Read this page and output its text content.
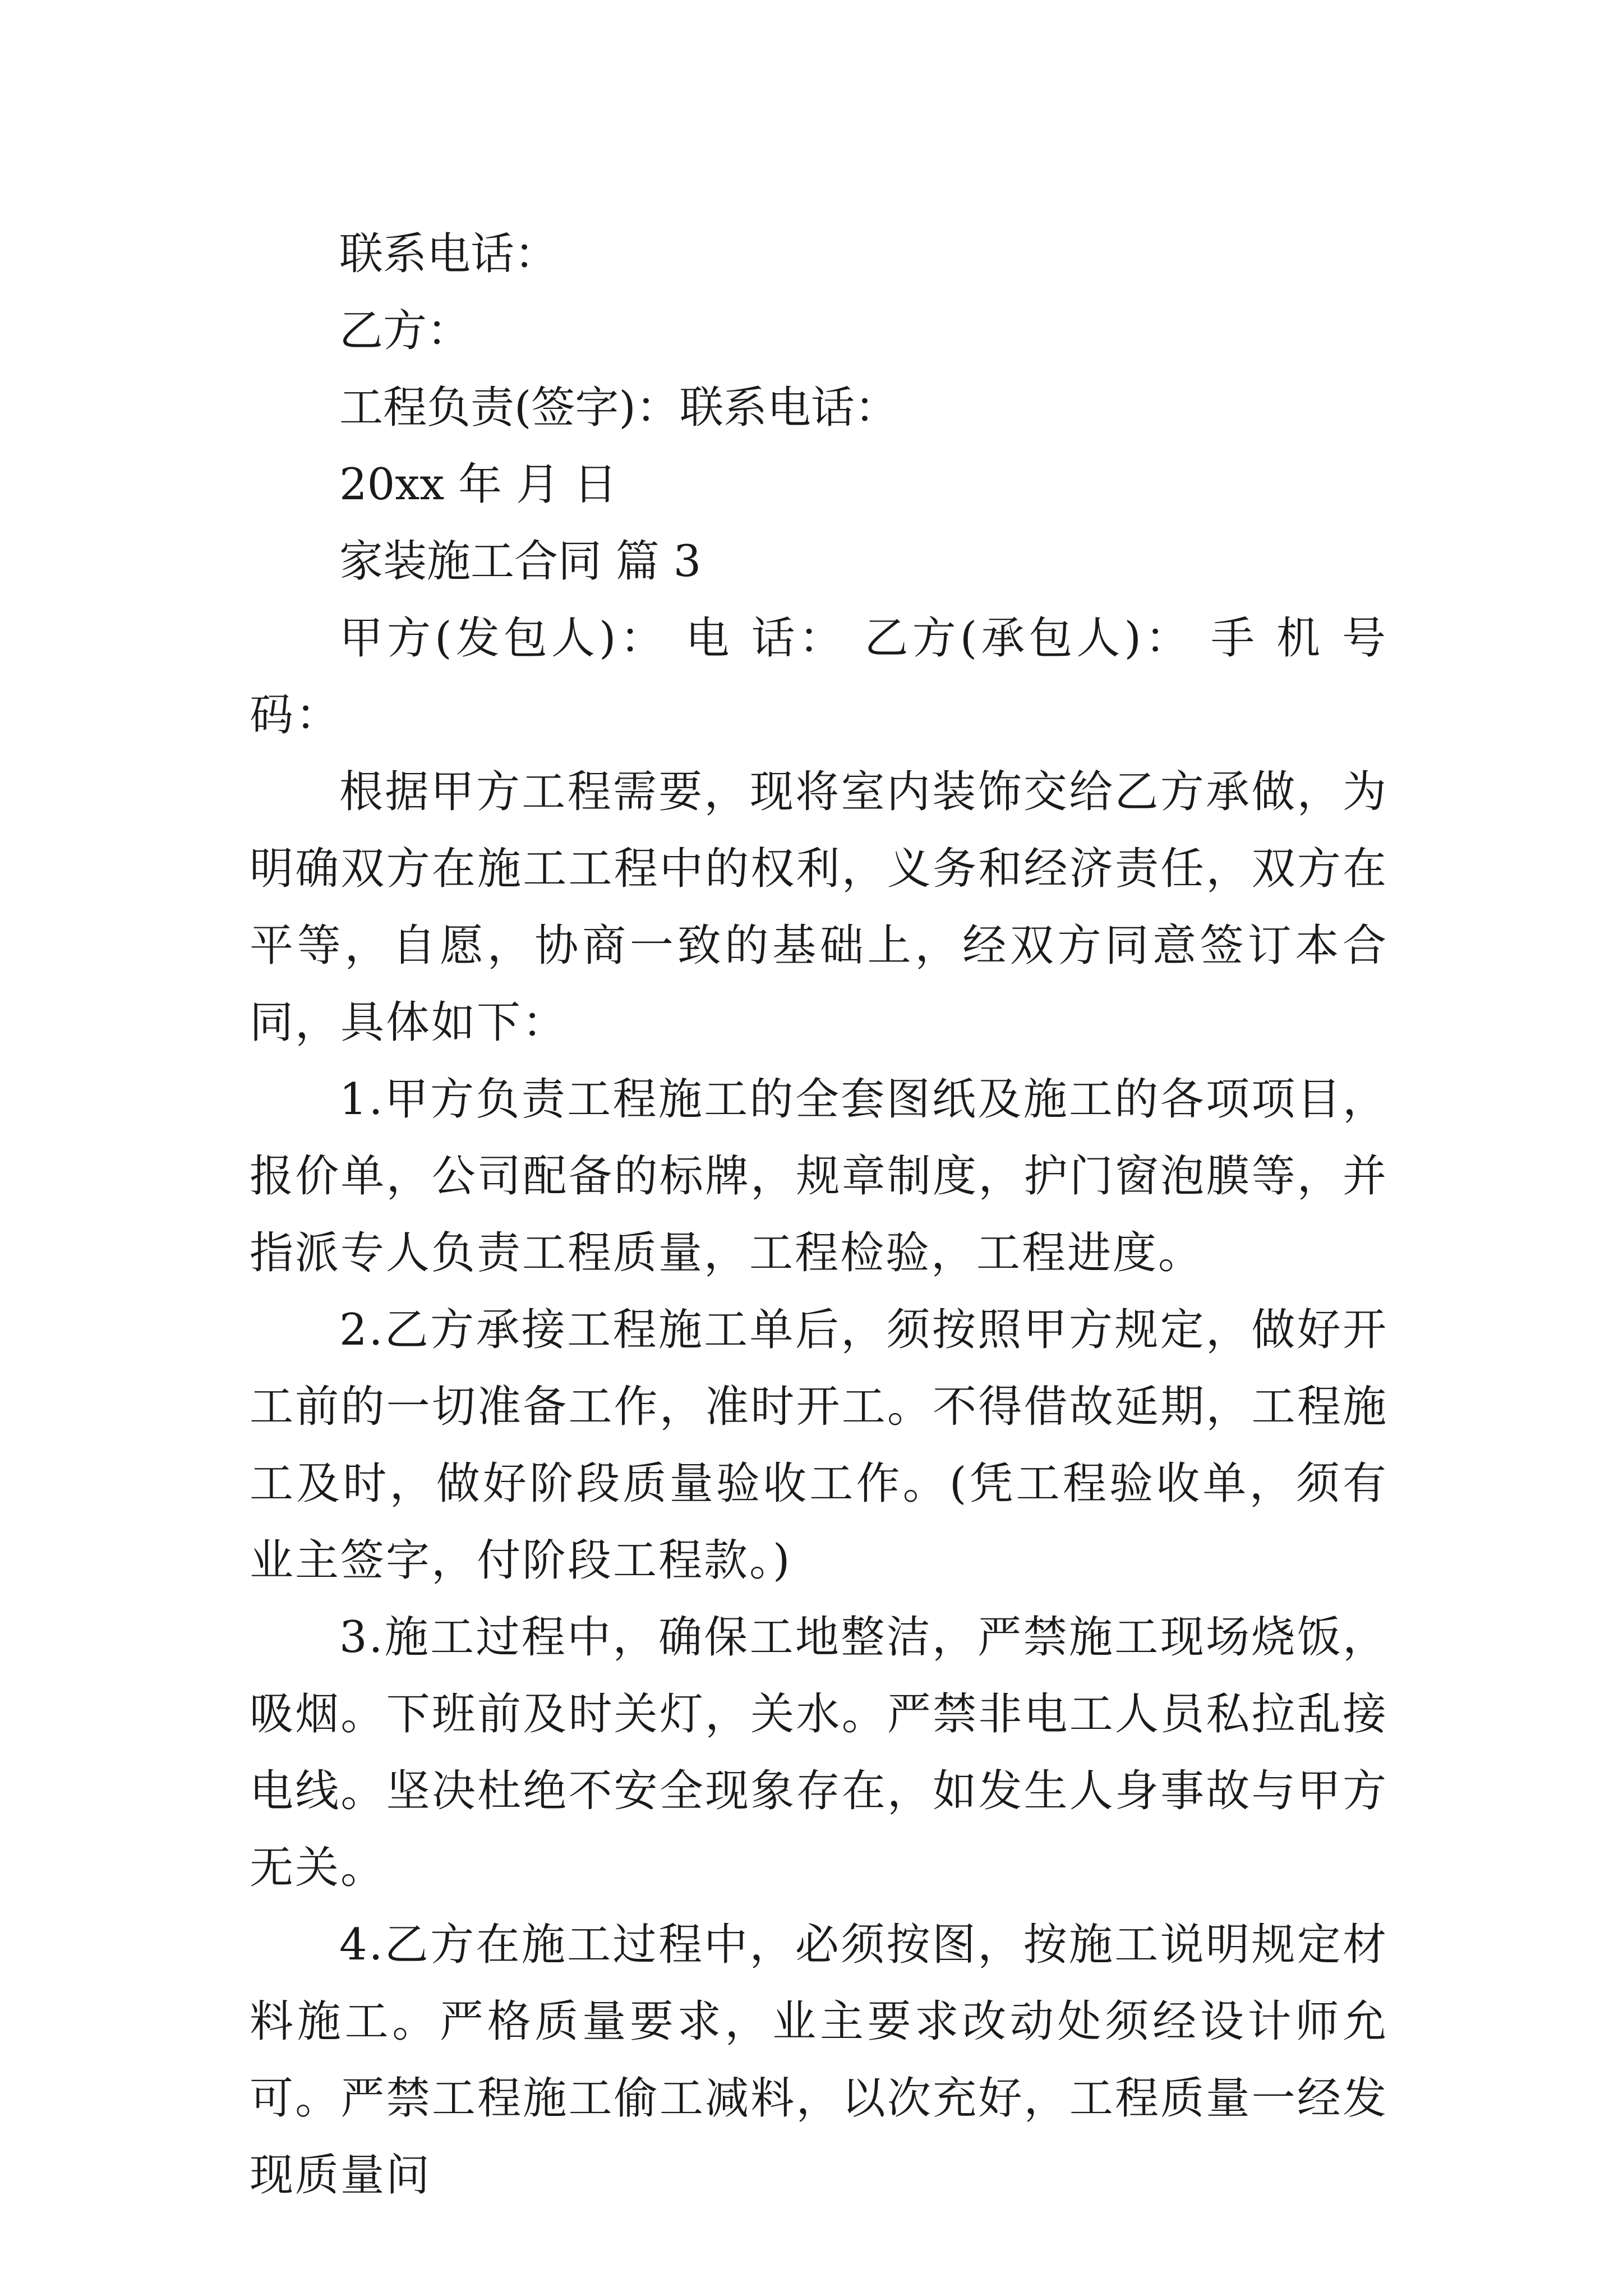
联系电话：

乙方：

工程负责(签字)：联系电话：

20xx 年 月 日

家装施工合同 篇 3

甲方(发包人)： 电 话： 乙方(承包人)： 手 机 号码：

根据甲方工程需要，现将室内装饰交给乙方承做，为明确双方在施工工程中的权利，义务和经济责任，双方在平等，自愿，协商一致的基础上，经双方同意签订本合同，具体如下：

1.甲方负责工程施工的全套图纸及施工的各项项目，报价单，公司配备的标牌，规章制度，护门窗泡膜等，并指派专人负责工程质量，工程检验，工程进度。

2.乙方承接工程施工单后，须按照甲方规定，做好开工前的一切准备工作，准时开工。不得借故延期，工程施工及时，做好阶段质量验收工作。(凭工程验收单，须有业主签字，付阶段工程款。)

3.施工过程中，确保工地整洁，严禁施工现场烧饭，吸烟。下班前及时关灯，关水。严禁非电工人员私拉乱接电线。坚决杜绝不安全现象存在，如发生人身事故与甲方无关。

4.乙方在施工过程中，必须按图，按施工说明规定材料施工。严格质量要求，业主要求改动处须经设计师允可。严禁工程施工偷工减料，以次充好，工程质量一经发现质量问
